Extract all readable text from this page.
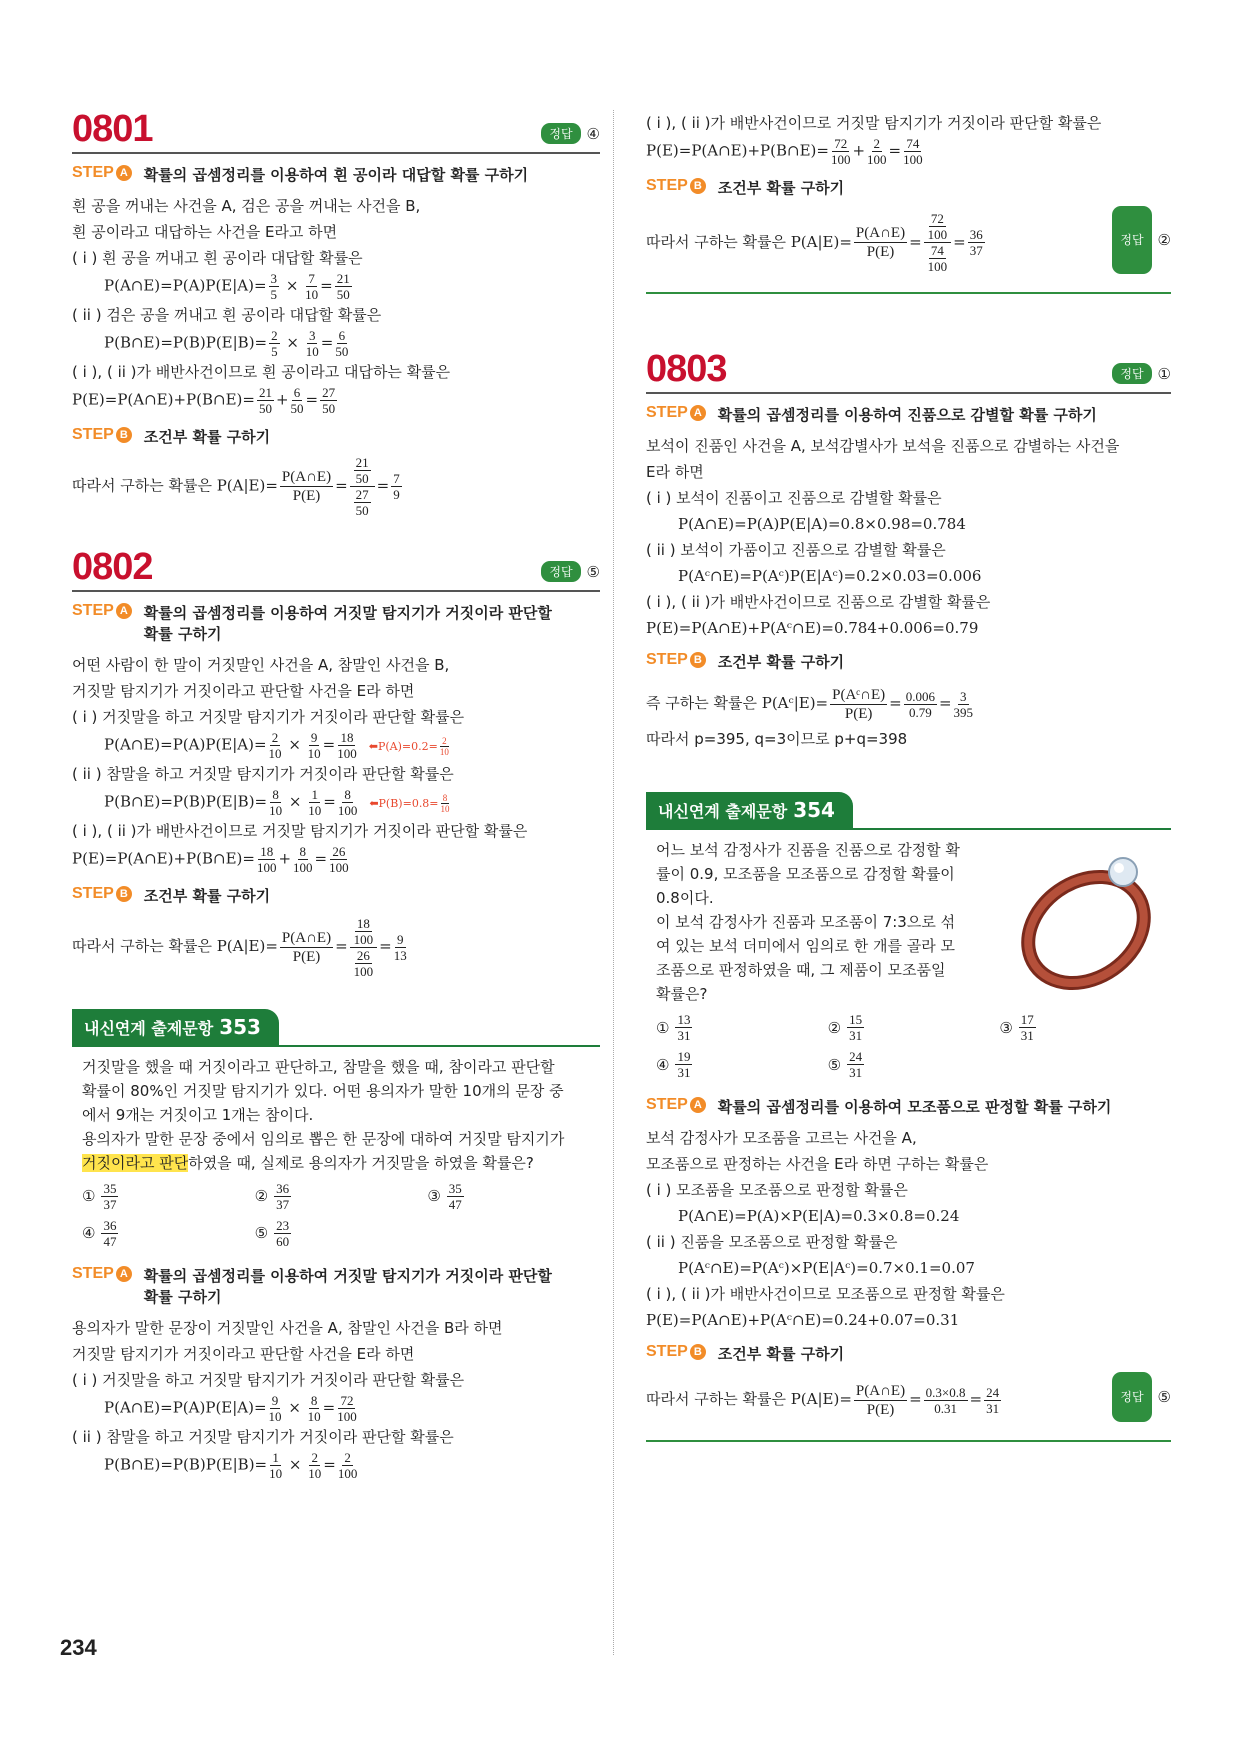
0801	정답 ④
STEP A 확률의 곱셈정리를 이용하여 흰 공이라 대답할 확률 구하기
흰 공을 꺼내는 사건을 A, 검은 공을 꺼내는 사건을 B,
흰 공이라고 대답하는 사건을 E라고 하면
( i ) 흰 공을 꺼내고 흰 공이라 대답할 확률은
P(A∩E)=P(A)P(E|A)= $\frac{3}{5} \times \frac{7}{10} = \frac{21}{50}$
( ii ) 검은 공을 꺼내고 흰 공이라 대답할 확률은
P(B∩E)=P(B)P(E|B)= $\frac{2}{5} \times \frac{3}{10} = \frac{6}{50}$
( i ), ( ii )가 배반사건이므로 흰 공이라고 대답하는 확률은
P(E)=P(A∩E)+P(B∩E)= $\frac{21}{50} + \frac{6}{50} = \frac{27}{50}$
STEP B 조건부 확률 구하기
따라서 구하는 확률은 $P(A|E)= \frac{P(A\cap E)}{P(E)} = \frac{\frac{21}{50}}{\frac{27}{50}} = \frac{7}{9}$
0802	정답 ⑤
STEP A 확률의 곱셈정리를 이용하여 거짓말 탐지기가 거짓이라 판단할
확률 구하기
어떤 사람이 한 말이 거짓말인 사건을 A, 참말인 사건을 B,
거짓말 탐지기가 거짓이라고 판단할 사건을 E라 하면
( i ) 거짓말을 하고 거짓말 탐지기가 거짓이라 판단할 확률은
P(A∩E)=P(A)P(E|A)= $\frac{2}{10} \times \frac{9}{10} = \frac{18}{100}$ ⬅P(A)=0.2= $\frac{2}{10}$
( ii ) 참말을 하고 거짓말 탐지기가 거짓이라 판단할 확률은
P(B∩E)=P(B)P(E|B)= $\frac{8}{10} \times \frac{1}{10} = \frac{8}{100}$ ⬅P(B)=0.8= $\frac{8}{10}$
( i ), ( ii )가 배반사건이므로 거짓말 탐지기가 거짓이라 판단할 확률은
P(E)=P(A∩E)+P(B∩E)= $\frac{18}{100} + \frac{8}{100} = \frac{26}{100}$
STEP B 조건부 확률 구하기
따라서 구하는 확률은 $P(A|E)= \frac{P(A\cap E)}{P(E)} = \frac{\frac{18}{100}}{\frac{26}{100}} = \frac{9}{13}$
내신연계 출제문항 353
거짓말을 했을 때 거짓이라고 판단하고, 참말을 했을 때, 참이라고 판단할
확률이 80%인 거짓말 탐지기가 있다. 어떤 용의자가 말한 10개의 문장 중
에서 9개는 거짓이고 1개는 참이다.
용의자가 말한 문장 중에서 임의로 뽑은 한 문장에 대하여 거짓말 탐지기가
거짓이라고 판단하였을 때, 실제로 용의자가 거짓말을 하였을 확률은?
① $\frac{35}{37}$	② $\frac{36}{37}$	③ $\frac{35}{47}$
④ $\frac{36}{47}$	⑤ $\frac{23}{60}$
STEP A 확률의 곱셈정리를 이용하여 거짓말 탐지기가 거짓이라 판단할
확률 구하기
용의자가 말한 문장이 거짓말인 사건을 A, 참말인 사건을 B라 하면
거짓말 탐지기가 거짓이라고 판단할 사건을 E라 하면
( i ) 거짓말을 하고 거짓말 탐지기가 거짓이라 판단할 확률은
P(A∩E)=P(A)P(E|A)= $\frac{9}{10} \times \frac{8}{10} = \frac{72}{100}$
( ii ) 참말을 하고 거짓말 탐지기가 거짓이라 판단할 확률은
P(B∩E)=P(B)P(E|B)= $\frac{1}{10} \times \frac{2}{10} = \frac{2}{100}$
( i ), ( ii )가 배반사건이므로 거짓말 탐지기가 거짓이라 판단할 확률은
P(E)=P(A∩E)+P(B∩E)= $\frac{72}{100} + \frac{2}{100} = \frac{74}{100}$
STEP B 조건부 확률 구하기
따라서 구하는 확률은 $P(A|E)= \frac{P(A\cap E)}{P(E)} = \frac{\frac{72}{100}}{\frac{74}{100}} = \frac{36}{37}$	정답 ②
0803	정답 ①
STEP A 확률의 곱셈정리를 이용하여 진품으로 감별할 확률 구하기
보석이 진품인 사건을 A, 보석감별사가 보석을 진품으로 감별하는 사건을
E라 하면
( i ) 보석이 진품이고 진품으로 감별할 확률은
P(A∩E)=P(A)P(E|A)=0.8×0.98=0.784
( ii ) 보석이 가품이고 진품으로 감별할 확률은
P(Aᶜ∩E)=P(Aᶜ)P(E|Aᶜ)=0.2×0.03=0.006
( i ), ( ii )가 배반사건이므로 진품으로 감별할 확률은
P(E)=P(A∩E)+P(Aᶜ∩E)=0.784+0.006=0.79
STEP B 조건부 확률 구하기
즉 구하는 확률은 P(Aᶜ|E)= $\frac{\text{P(Aᶜ∩E)}}{P(E)} = \frac{0.006}{0.79} = \frac{3}{395}$
따라서 p=395, q=3이므로 p+q=398
내신연계 출제문항 354
어느 보석 감정사가 진품을 진품으로 감정할 확
률이 0.9, 모조품을 모조품으로 감정할 확률이
0.8이다.
이 보석 감정사가 진품과 모조품이 7:3으로 섞
여 있는 보석 더미에서 임의로 한 개를 골라 모
조품으로 판정하였을 때, 그 제품이 모조품일
확률은?
① $\frac{13}{31}$	② $\frac{15}{31}$	③ $\frac{17}{31}$
④ $\frac{19}{31}$	⑤ $\frac{24}{31}$
STEP A 확률의 곱셈정리를 이용하여 모조품으로 판정할 확률 구하기
보석 감정사가 모조품을 고르는 사건을 A,
모조품으로 판정하는 사건을 E라 하면 구하는 확률은
( i ) 모조품을 모조품으로 판정할 확률은
P(A∩E)=P(A)×P(E|A)=0.3×0.8=0.24
( ii ) 진품을 모조품으로 판정할 확률은
P(Aᶜ∩E)=P(Aᶜ)×P(E|Aᶜ)=0.7×0.1=0.07
( i ), ( ii )가 배반사건이므로 모조품으로 판정할 확률은
P(E)=P(A∩E)+P(Aᶜ∩E)=0.24+0.07=0.31
STEP B 조건부 확률 구하기
따라서 구하는 확률은 $P(A|E)= \frac{P(A\cap E)}{P(E)} = \frac{0.3\times 0.8}{0.31} = \frac{24}{31}$	정답 ⑤
234
